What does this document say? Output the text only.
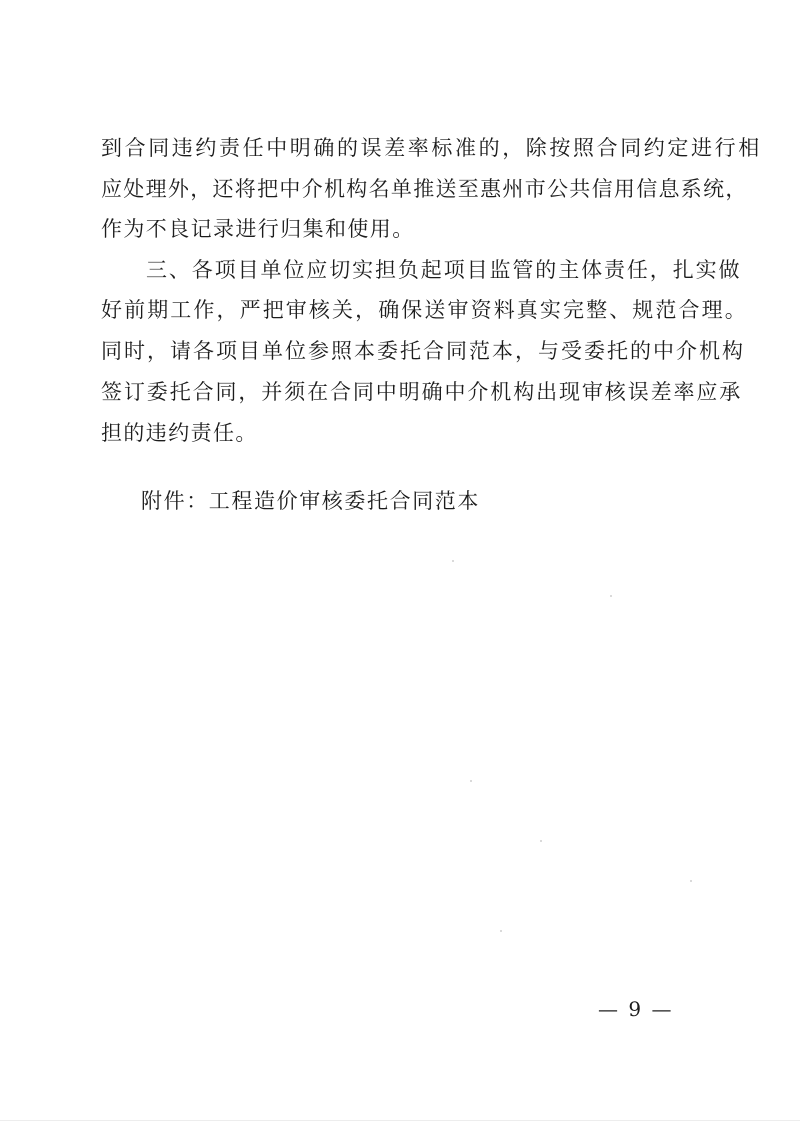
到合同违约责任中明确的误差率标准的，除按照合同约定进行相
应处理外，还将把中介机构名单推送至惠州市公共信用信息系统，
作为不良记录进行归集和使用。
三、各项目单位应切实担负起项目监管的主体责任，扎实做
好前期工作，严把审核关，确保送审资料真实完整、规范合理。
同时，请各项目单位参照本委托合同范本，与受委托的中介机构
签订委托合同，并须在合同中明确中介机构出现审核误差率应承
担的违约责任。
附件：工程造价审核委托合同范本
— 9 —
